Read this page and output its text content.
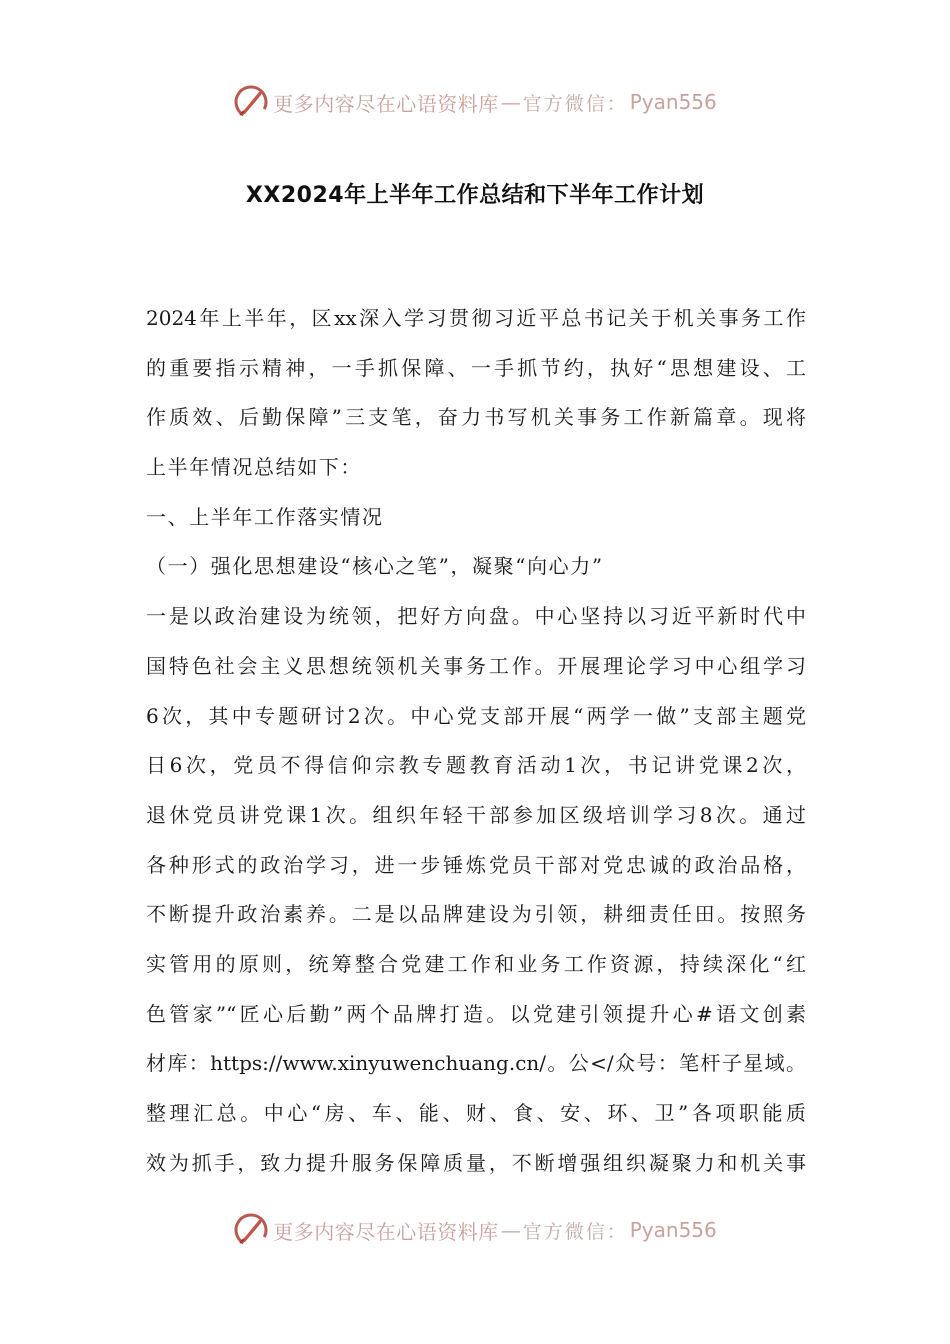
更多内容尽在心语资料库 — 官方微信： Pyan556
XX2024年上半年工作总结和下半年工作计划
2024年上半年，区xx深入学习贯彻习近平总书记关于机关事务工作
的重要指示精神，一手抓保障、一手抓节约，执好“思想建设、工
作质效、后勤保障”三支笔，奋力书写机关事务工作新篇章。现将
上半年情况总结如下：
一、上半年工作落实情况
（一）强化思想建设“核心之笔”，凝聚“向心力”
一是以政治建设为统领，把好方向盘。中心坚持以习近平新时代中
国特色社会主义思想统领机关事务工作。开展理论学习中心组学习
6次，其中专题研讨2次。中心党支部开展“两学一做”支部主题党
日6次，党员不得信仰宗教专题教育活动1次，书记讲党课2次，
退休党员讲党课1次。组织年轻干部参加区级培训学习8次。通过
各种形式的政治学习，进一步锤炼党员干部对党忠诚的政治品格，
不断提升政治素养。二是以品牌建设为引领，耕细责任田。按照务
实管用的原则，统筹整合党建工作和业务工作资源，持续深化“红
色管家”“匠心后勤”两个品牌打造。以党建引领提升心#语文创素
材库：https://www.xinyuwenchuang.cn/。公</众号：笔杆子星域。
整理汇总。中心“房、车、能、财、食、安、环、卫”各项职能质
效为抓手，致力提升服务保障质量，不断增强组织凝聚力和机关事
更多内容尽在心语资料库 — 官方微信： Pyan556
